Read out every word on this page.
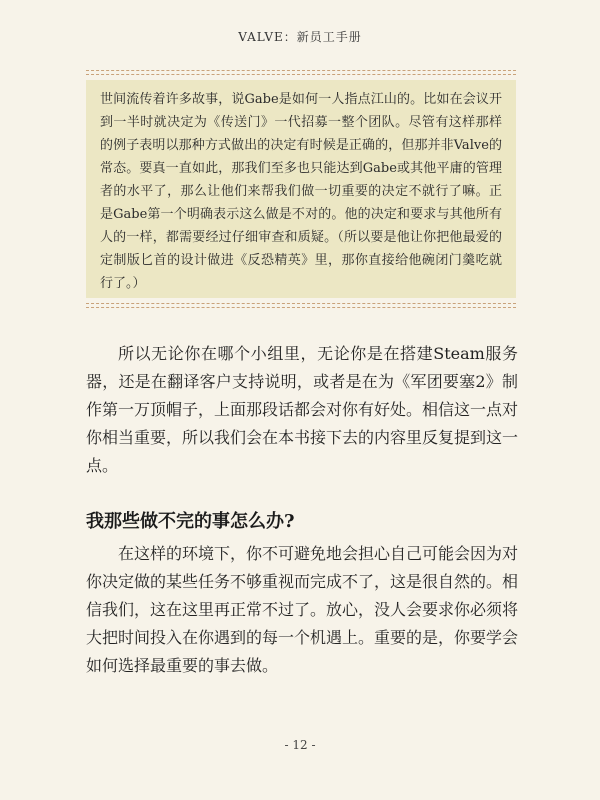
VALVE：新员工手册

世间流传着许多故事，说Gabe是如何一人指点江山的。比如在会议开到一半时就决定为《传送门》一代招募一整个团队。尽管有这样那样的例子表明以那种方式做出的决定有时候是正确的，但那并非Valve的常态。要真一直如此，那我们至多也只能达到Gabe或其他平庸的管理者的水平了，那么让他们来帮我们做一切重要的决定不就行了嘛。正是Gabe第一个明确表示这么做是不对的。他的决定和要求与其他所有人的一样，都需要经过仔细审查和质疑。（所以要是他让你把他最爱的定制版匕首的设计做进《反恐精英》里，那你直接给他碗闭门羹吃就行了。）

所以无论你在哪个小组里，无论你是在搭建Steam服务器，还是在翻译客户支持说明，或者是在为《军团要塞2》制作第一万顶帽子，上面那段话都会对你有好处。相信这一点对你相当重要，所以我们会在本书接下去的内容里反复提到这一点。

我那些做不完的事怎么办?

在这样的环境下，你不可避免地会担心自己可能会因为对你决定做的某些任务不够重视而完成不了，这是很自然的。相信我们，这在这里再正常不过了。放心，没人会要求你必须将大把时间投入在你遇到的每一个机遇上。重要的是，你要学会如何选择最重要的事去做。

- 12 -
